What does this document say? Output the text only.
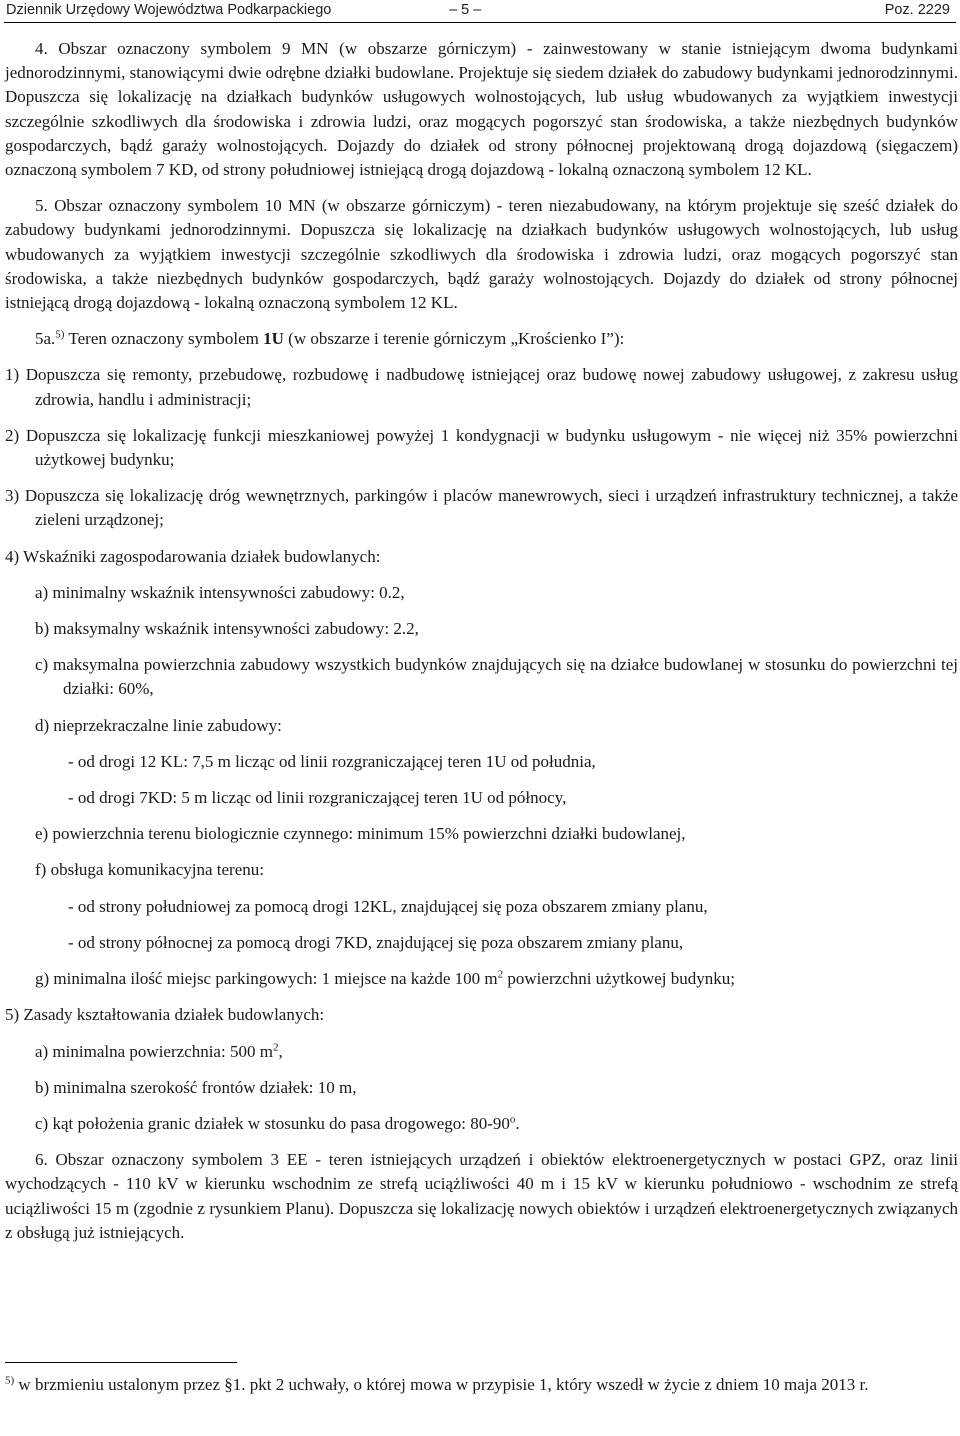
Dziennik Urzędowy Województwa Podkarpackiego	– 5 –	Poz. 2229

4. Obszar oznaczony symbolem 9 MN (w obszarze górniczym) - zainwestowany w stanie istniejącym dwoma budynkami jednorodzinnymi, stanowiącymi dwie odrębne działki budowlane. Projektuje się siedem działek do zabudowy budynkami jednorodzinnymi. Dopuszcza się lokalizację na działkach budynków usługowych wolnostojących, lub usług wbudowanych za wyjątkiem inwestycji szczególnie szkodliwych dla środowiska i zdrowia ludzi, oraz mogących pogorszyć stan środowiska, a także niezbędnych budynków gospodarczych, bądź garaży wolnostojących. Dojazdy do działek od strony północnej projektowaną drogą dojazdową (sięgaczem) oznaczoną symbolem 7 KD, od strony południowej istniejącą drogą dojazdową - lokalną oznaczoną symbolem 12 KL.

5. Obszar oznaczony symbolem 10 MN (w obszarze górniczym) - teren niezabudowany, na którym projektuje się sześć działek do zabudowy budynkami jednorodzinnymi. Dopuszcza się lokalizację na działkach budynków usługowych wolnostojących, lub usług wbudowanych za wyjątkiem inwestycji szczególnie szkodliwych dla środowiska i zdrowia ludzi, oraz mogących pogorszyć stan środowiska, a także niezbędnych budynków gospodarczych, bądź garaży wolnostojących. Dojazdy do działek od strony północnej istniejącą drogą dojazdową - lokalną oznaczoną symbolem 12 KL.

5a.$^{5)}$ Teren oznaczony symbolem 1U (w obszarze i terenie górniczym „Krościenko I”):

1) Dopuszcza się remonty, przebudowę, rozbudowę i nadbudowę istniejącej oraz budowę nowej zabudowy usługowej, z zakresu usług zdrowia, handlu i administracji;

2) Dopuszcza się lokalizację funkcji mieszkaniowej powyżej 1 kondygnacji w budynku usługowym - nie więcej niż 35% powierzchni użytkowej budynku;

3) Dopuszcza się lokalizację dróg wewnętrznych, parkingów i placów manewrowych, sieci i urządzeń infrastruktury technicznej, a także zieleni urządzonej;

4) Wskaźniki zagospodarowania działek budowlanych:

a) minimalny wskaźnik intensywności zabudowy: 0.2,

b) maksymalny wskaźnik intensywności zabudowy: 2.2,

c) maksymalna powierzchnia zabudowy wszystkich budynków znajdujących się na działce budowlanej w stosunku do powierzchni tej działki: 60%,

d) nieprzekraczalne linie zabudowy:

- od drogi 12 KL: 7,5 m licząc od linii rozgraniczającej teren 1U od południa,

- od drogi 7KD: 5 m licząc od linii rozgraniczającej teren 1U od północy,

e) powierzchnia terenu biologicznie czynnego: minimum 15% powierzchni działki budowlanej,

f) obsługa komunikacyjna terenu:

- od strony południowej za pomocą drogi 12KL, znajdującej się poza obszarem zmiany planu,

- od strony północnej za pomocą drogi 7KD, znajdującej się poza obszarem zmiany planu,

g) minimalna ilość miejsc parkingowych: 1 miejsce na każde 100 $m^2$ powierzchni użytkowej budynku;

5) Zasady kształtowania działek budowlanych:

a) minimalna powierzchnia: 500 $m^2$,

b) minimalna szerokość frontów działek: 10 m,

c) kąt położenia granic działek w stosunku do pasa drogowego: 80-90$^o$.

6. Obszar oznaczony symbolem 3 EE - teren istniejących urządzeń i obiektów elektroenergetycznych w postaci GPZ, oraz linii wychodzących - 110 kV w kierunku wschodnim ze strefą uciążliwości 40 m i 15 kV w kierunku południowo - wschodnim ze strefą uciążliwości 15 m (zgodnie z rysunkiem Planu). Dopuszcza się lokalizację nowych obiektów i urządzeń elektroenergetycznych związanych z obsługą już istniejących.

$^{5)}$ w brzmieniu ustalonym przez §1. pkt 2 uchwały, o której mowa w przypisie 1, który wszedł w życie z dniem 10 maja 2013 r.
